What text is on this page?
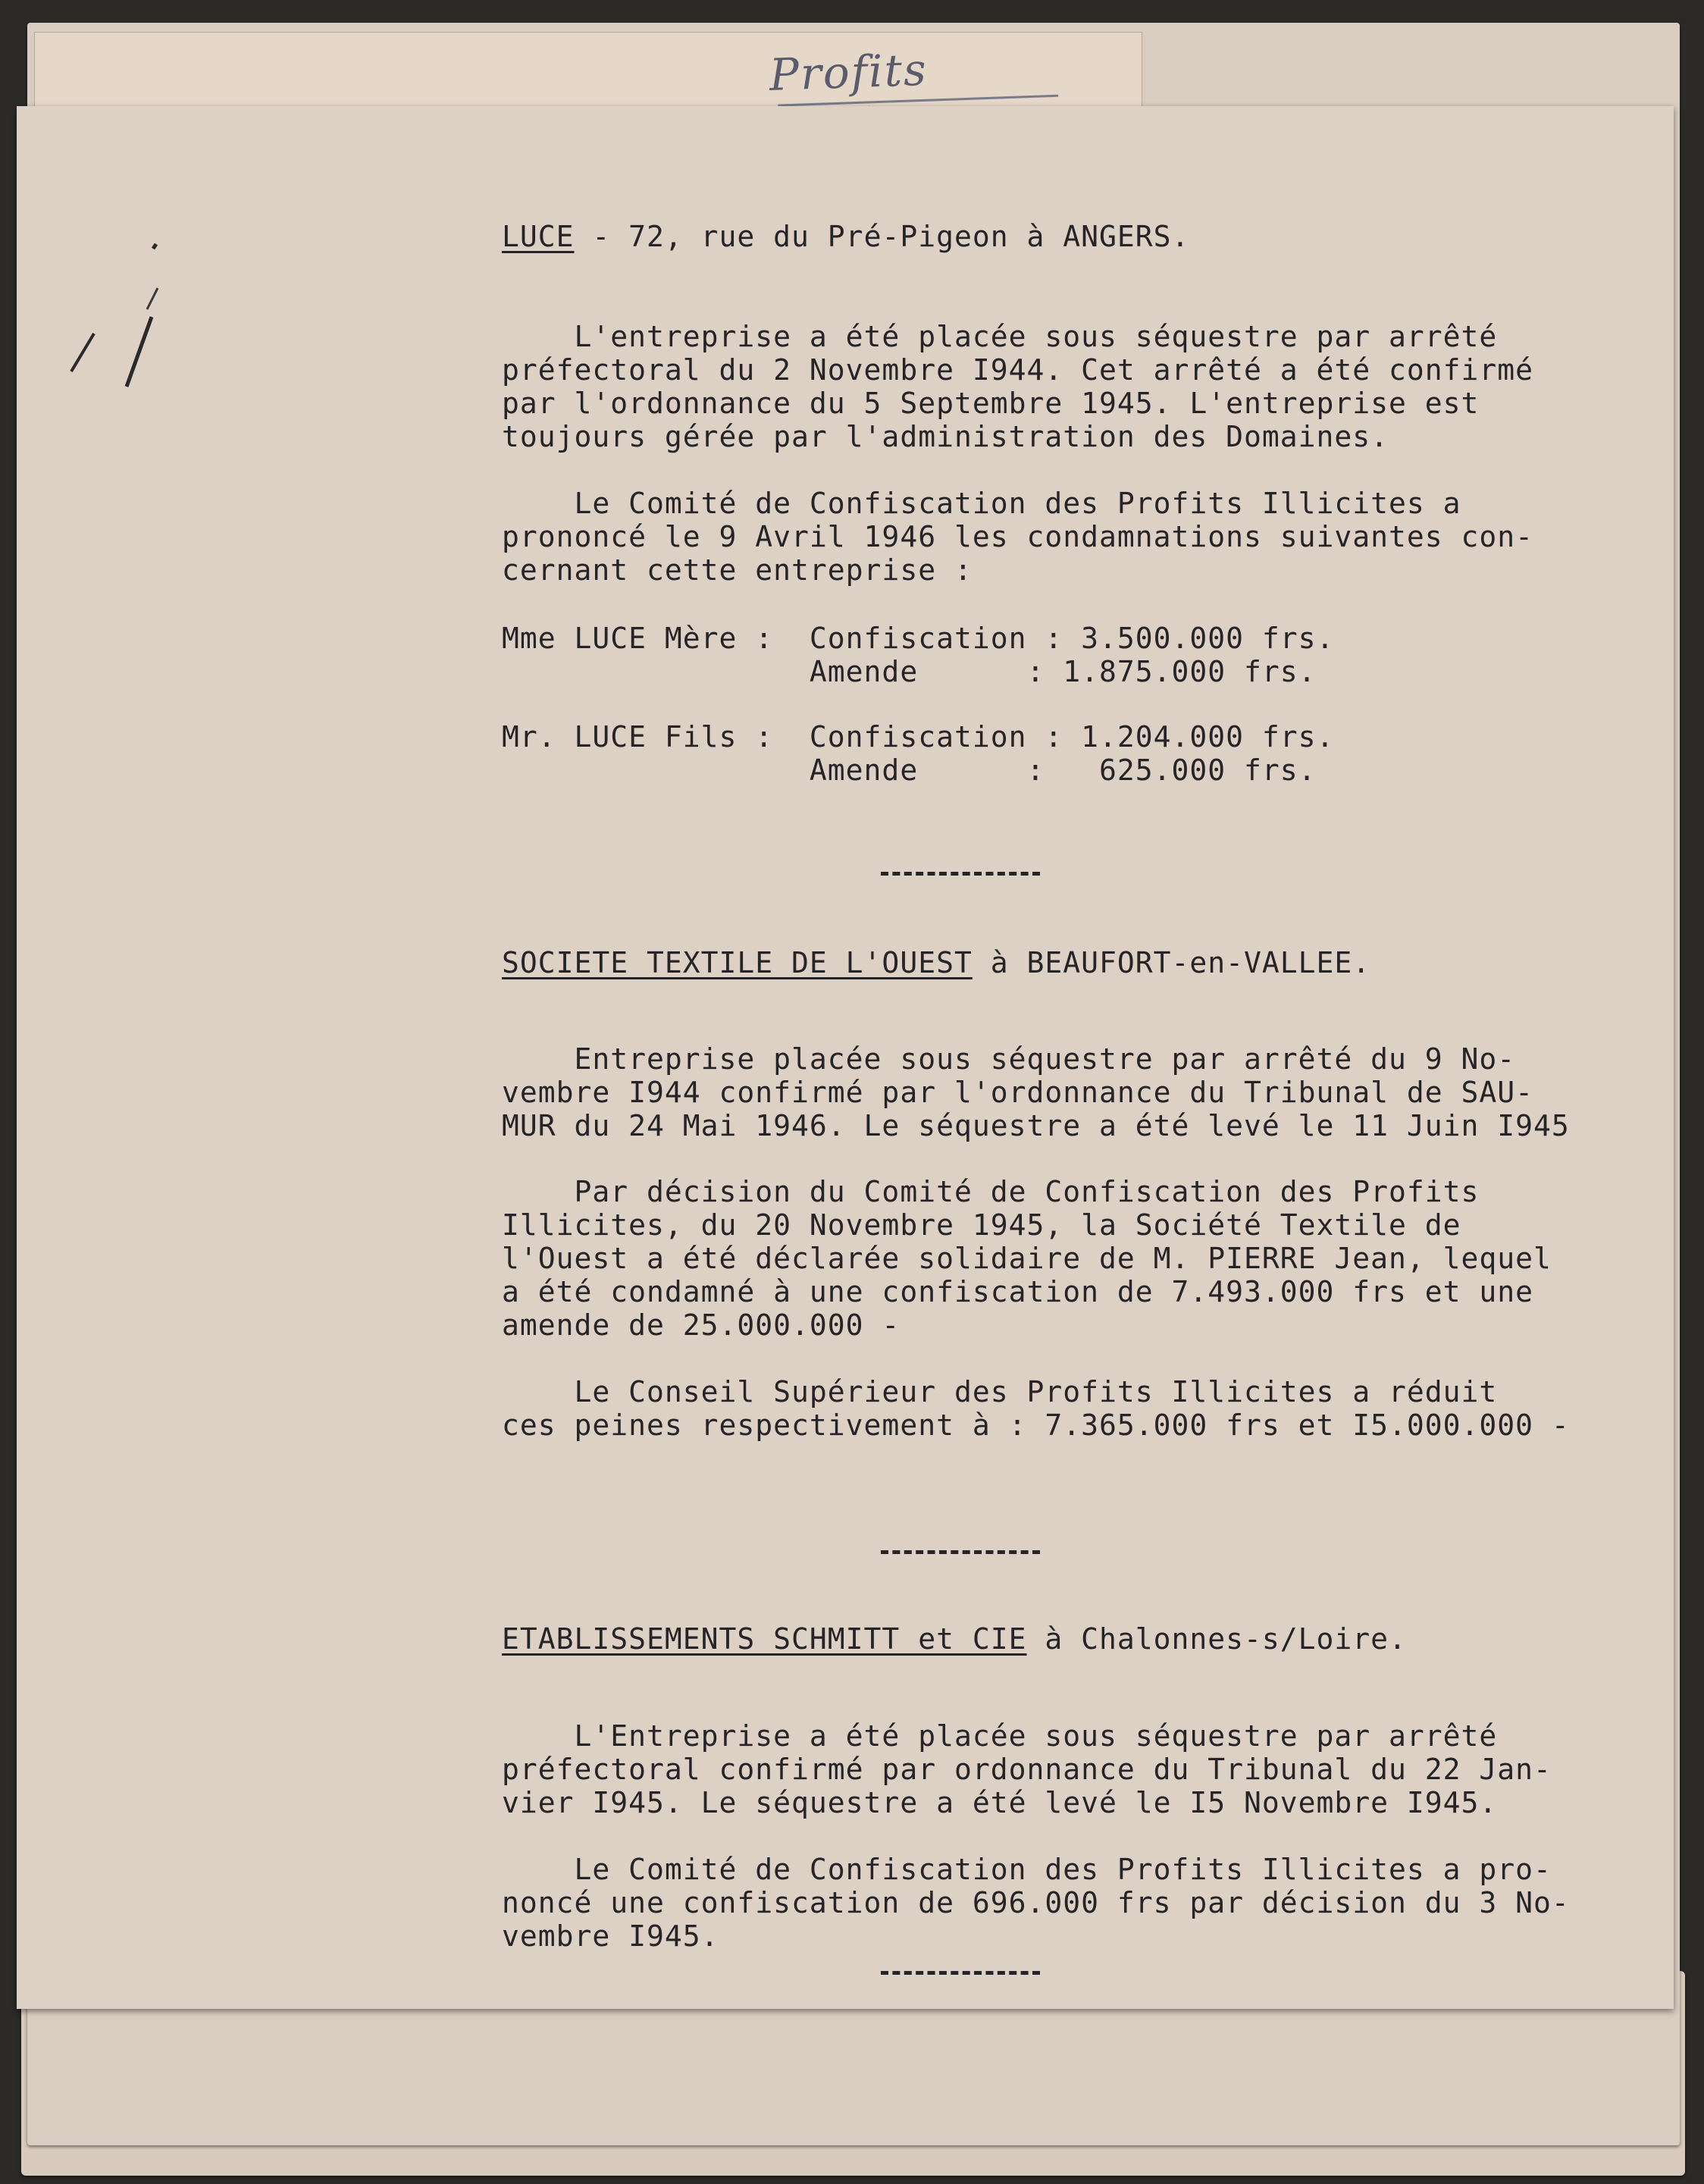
Profits
LUCE - 72, rue du Pré-Pigeon à ANGERS.
L'entreprise a été placée sous séquestre par arrêté
préfectoral du 2 Novembre I944. Cet arrêté a été confirmé
par l'ordonnance du 5 Septembre 1945. L'entreprise est
toujours gérée par l'administration des Domaines.
Le Comité de Confiscation des Profits Illicites a
prononcé le 9 Avril 1946 les condamnations suivantes con-
cernant cette entreprise :
Mme LUCE Mère :  Confiscation : 3.500.000 frs.
Amende      : 1.875.000 frs.
Mr. LUCE Fils :  Confiscation : 1.204.000 frs.
Amende      :   625.000 frs.
SOCIETE TEXTILE DE L'OUEST à BEAUFORT-en-VALLEE.
Entreprise placée sous séquestre par arrêté du 9 No-
vembre I944 confirmé par l'ordonnance du Tribunal de SAU-
MUR du 24 Mai 1946. Le séquestre a été levé le 11 Juin I945
Par décision du Comité de Confiscation des Profits
Illicites, du 20 Novembre 1945, la Société Textile de
l'Ouest a été déclarée solidaire de M. PIERRE Jean, lequel
a été condamné à une confiscation de 7.493.000 frs et une
amende de 25.000.000 -
Le Conseil Supérieur des Profits Illicites a réduit
ces peines respectivement à : 7.365.000 frs et I5.000.000 -
ETABLISSEMENTS SCHMITT et CIE à Chalonnes-s/Loire.
L'Entreprise a été placée sous séquestre par arrêté
préfectoral confirmé par ordonnance du Tribunal du 22 Jan-
vier I945. Le séquestre a été levé le I5 Novembre I945.
Le Comité de Confiscation des Profits Illicites a pro-
noncé une confiscation de 696.000 frs par décision du 3 No-
vembre I945.
